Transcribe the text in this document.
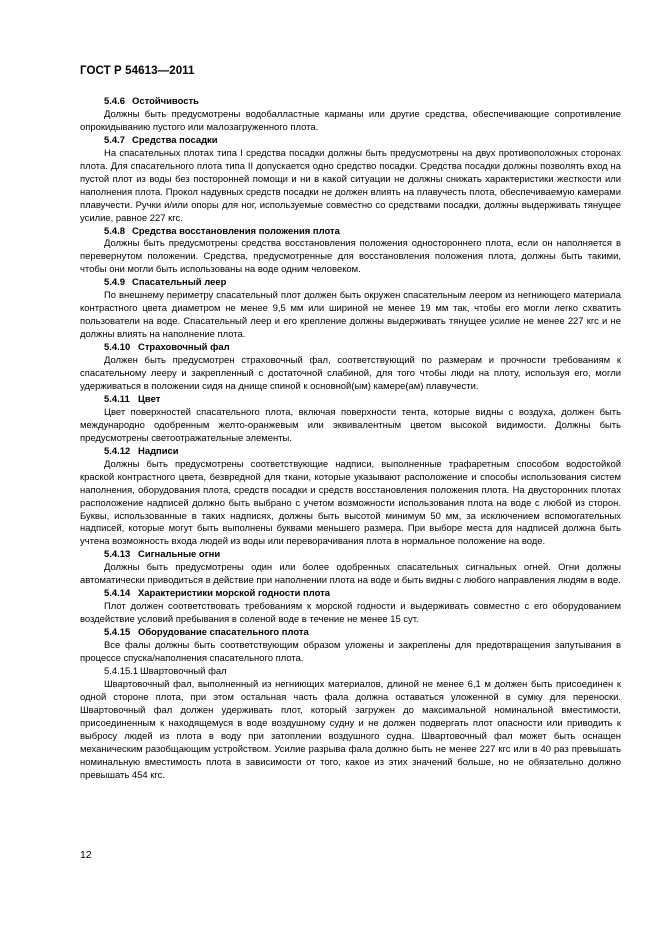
ГОСТ Р 54613—2011

5.4.6 Остойчивость

Должны быть предусмотрены водобалластные карманы или другие средства, обеспечивающие сопротивление опрокидыванию пустого или малозагруженного плота.

5.4.7 Средства посадки

На спасательных плотах типа I средства посадки должны быть предусмотрены на двух противоположных сторонах плота. Для спасательного плота типа II допускается одно средство посадки. Средства посадки должны позволять вход на пустой плот из воды без посторонней помощи и ни в какой ситуации не должны снижать характеристики жесткости или наполнения плота. Прокол надувных средств посадки не должен влиять на плавучесть плота, обеспечиваемую камерами плавучести. Ручки и/или опоры для ног, используемые совместно со средствами посадки, должны выдерживать тянущее усилие, равное 227 кгс.

5.4.8 Средства восстановления положения плота

Должны быть предусмотрены средства восстановления положения одностороннего плота, если он наполняется в перевернутом положении. Средства, предусмотренные для восстановления положения плота, должны быть такими, чтобы они могли быть использованы на воде одним человеком.

5.4.9 Спасательный леер

По внешнему периметру спасательный плот должен быть окружен спасательным леером из негниющего материала контрастного цвета диаметром не менее 9,5 мм или шириной не менее 19 мм так, чтобы его могли легко схватить пользователи на воде. Спасательный леер и его крепление должны выдерживать тянущее усилие не менее 227 кгс и не должны влиять на наполнение плота.

5.4.10 Страховочный фал

Должен быть предусмотрен страховочный фал, соответствующий по размерам и прочности требованиям к спасательному лееру и закрепленный с достаточной слабиной, для того чтобы люди на плоту, используя его, могли удерживаться в положении сидя на днище спиной к основной(ым) камере(ам) плавучести.

5.4.11 Цвет

Цвет поверхностей спасательного плота, включая поверхности тента, которые видны с воздуха, должен быть международно одобренным желто-оранжевым или эквивалентным цветом высокой видимости. Должны быть предусмотрены светоотражательные элементы.

5.4.12 Надписи

Должны быть предусмотрены соответствующие надписи, выполненные трафаретным способом водостойкой краской контрастного цвета, безвредной для ткани, которые указывают расположение и способы использования систем наполнения, оборудования плота, средств посадки и средств восстановления положения плота. На двусторонних плотах расположение надписей должно быть выбрано с учетом возможности использования плота на воде с любой из сторон. Буквы, использованные в таких надписях, должны быть высотой минимум 50 мм, за исключением вспомогательных надписей, которые могут быть выполнены буквами меньшего размера. При выборе места для надписей должна быть учтена возможность входа людей из воды или переворачивания плота в нормальное положение на воде.

5.4.13 Сигнальные огни

Должны быть предусмотрены один или более одобренных спасательных сигнальных огней. Огни должны автоматически приводиться в действие при наполнении плота на воде и быть видны с любого направления людям в воде.

5.4.14 Характеристики морской годности плота

Плот должен соответствовать требованиям к морской годности и выдерживать совместно с его оборудованием воздействие условий пребывания в соленой воде в течение не менее 15 сут.

5.4.15 Оборудование спасательного плота

Все фалы должны быть соответствующим образом уложены и закреплены для предотвращения запутывания в процессе спуска/наполнения спасательного плота.

5.4.15.1 Швартовочный фал

Швартовочный фал, выполненный из негниющих материалов, длиной не менее 6,1 м должен быть присоединен к одной стороне плота, при этом остальная часть фала должна оставаться уложенной в сумку для переноски. Швартовочный фал должен удерживать плот, который загружен до максимальной номинальной вместимости, присоединенным к находящемуся в воде воздушному судну и не должен подвергать плот опасности или приводить к выбросу людей из плота в воду при затоплении воздушного судна. Швартовочный фал может быть оснащен механическим разобщающим устройством. Усилие разрыва фала должно быть не менее 227 кгс или в 40 раз превышать номинальную вместимость плота в зависимости от того, какое из этих значений больше, но не обязательно должно превышать 454 кгс.

12
